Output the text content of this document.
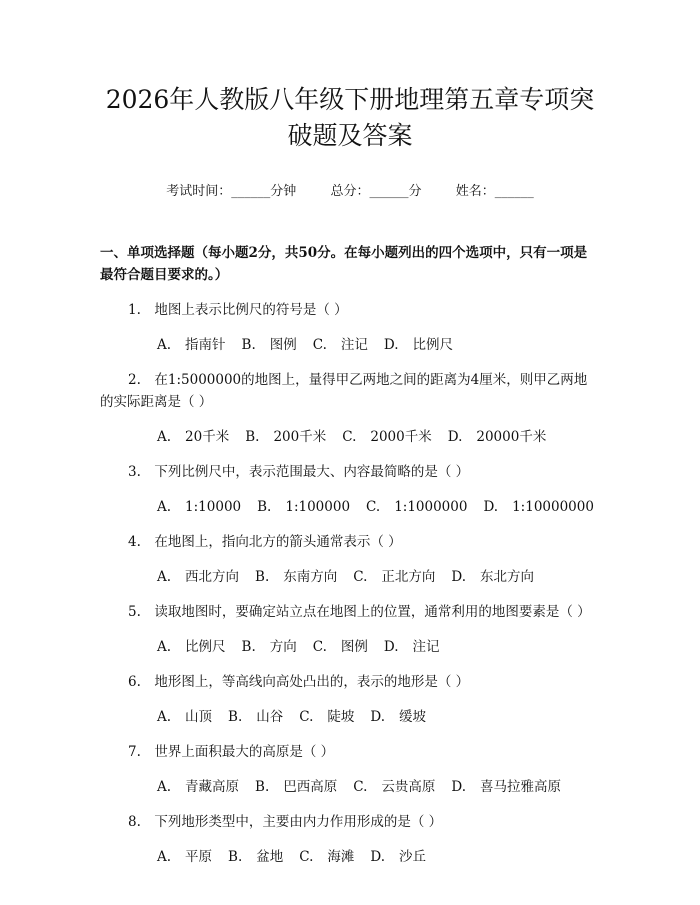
2026年人教版八年级下册地理第五章专项突破题及答案
考试时间：______分钟	总分：______分	姓名：______
一、单项选择题（每小题2分，共50分。在每小题列出的四个选项中，只有一项是最符合题目要求的。）
1.　地图上表示比例尺的符号是（ ）
A. 指南针 B. 图例 C. 注记 D. 比例尺
2.　在1:5000000的地图上，量得甲乙两地之间的距离为4厘米，则甲乙两地的实际距离是（ ）
A. 20千米 B. 200千米 C. 2000千米 D. 20000千米
3.　下列比例尺中，表示范围最大、内容最简略的是（ ）
A. 1:10000 B. 1:100000 C. 1:1000000 D. 1:10000000
4.　在地图上，指向北方的箭头通常表示（ ）
A. 西北方向 B. 东南方向 C. 正北方向 D. 东北方向
5.　读取地图时，要确定站立点在地图上的位置，通常利用的地图要素是（ ）
A. 比例尺 B. 方向 C. 图例 D. 注记
6.　地形图上，等高线向高处凸出的，表示的地形是（ ）
A. 山顶 B. 山谷 C. 陡坡 D. 缓坡
7.　世界上面积最大的高原是（ ）
A. 青藏高原 B. 巴西高原 C. 云贵高原 D. 喜马拉雅高原
8.　下列地形类型中，主要由内力作用形成的是（ ）
A. 平原 B. 盆地 C. 海滩 D. 沙丘
